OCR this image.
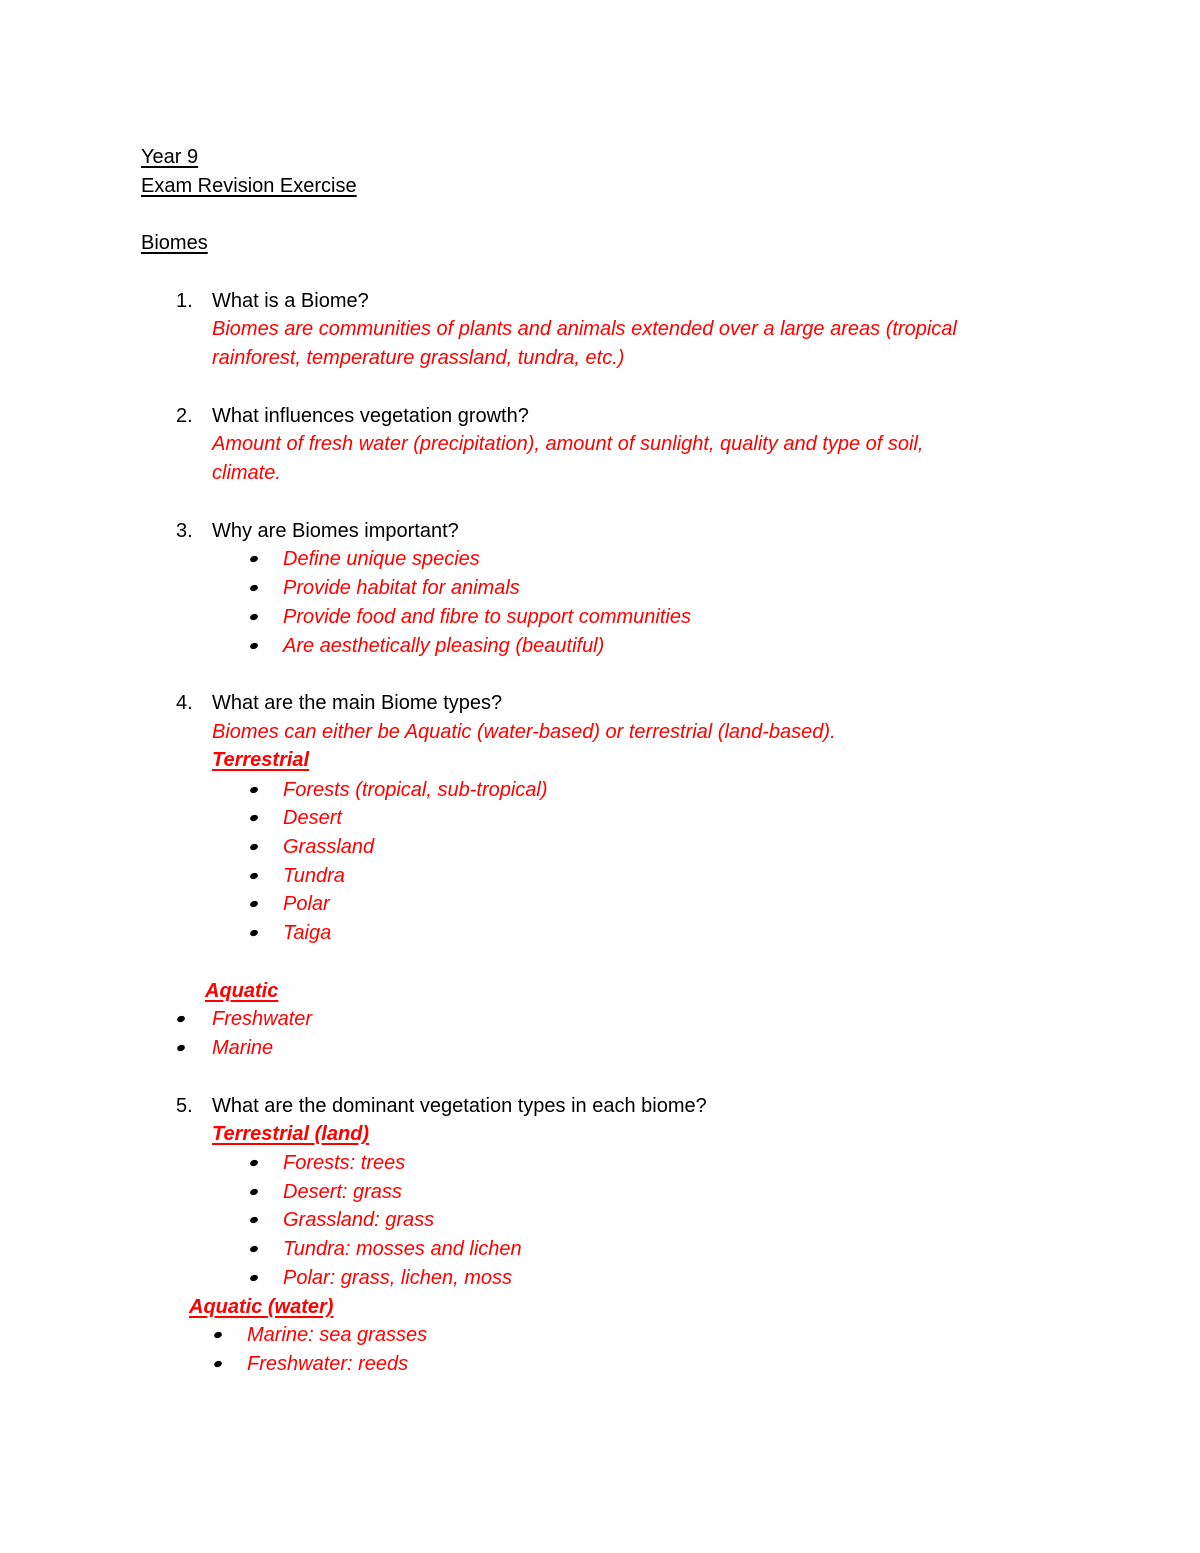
Year 9
Exam Revision Exercise
Biomes
1. What is a Biome?
Biomes are communities of plants and animals extended over a large areas (tropical
rainforest, temperature grassland, tundra, etc.)
2. What influences vegetation growth?
Amount of fresh water (precipitation), amount of sunlight, quality and type of soil,
climate.
3. Why are Biomes important?
Define unique species
Provide habitat for animals
Provide food and fibre to support communities
Are aesthetically pleasing (beautiful)
4. What are the main Biome types?
Biomes can either be Aquatic (water-based) or terrestrial (land-based).
Terrestrial
Forests (tropical, sub-tropical)
Desert
Grassland
Tundra
Polar
Taiga
Aquatic
Freshwater
Marine
5. What are the dominant vegetation types in each biome?
Terrestrial (land)
Forests: trees
Desert: grass
Grassland: grass
Tundra: mosses and lichen
Polar: grass, lichen, moss
Aquatic (water)
Marine: sea grasses
Freshwater: reeds
